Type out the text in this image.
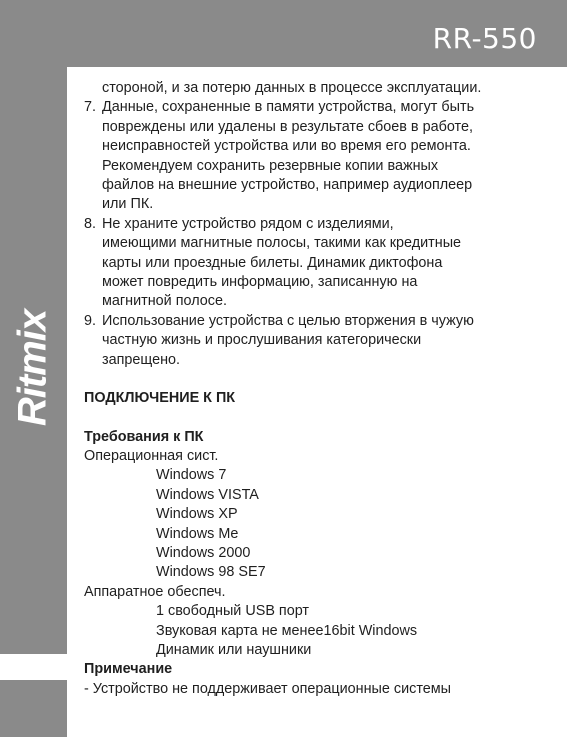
RR-550
Ritmix

стороной, и за потерю данных в процессе эксплуатации.

7. Данные, сохраненные в памяти устройства, могут быть
повреждены или удалены в результате сбоев в работе,
неисправностей устройства или во время его ремонта.
Рекомендуем сохранить резервные копии важных
файлов на внешние устройство, например аудиоплеер
или ПК.
8. Не храните устройство рядом с изделиями,
имеющими магнитные полосы, такими как кредитные
карты или проездные билеты. Динамик диктофона
может повредить информацию, записанную на
магнитной полосе.
9. Использование устройства с целью вторжения в чужую
частную жизнь и прослушивания категорически
запрещено.
ПОДКЛЮЧЕНИЕ К ПК
Требования к ПК
Операционная сист.
Windows 7
Windows VISTA
Windows XP
Windows Me
Windows 2000
Windows 98 SE7
Аппаратное обеспеч.
1 свободный USB порт
Звуковая карта не менее16bit Windows
Динамик или наушники
Примечание
- Устройство не поддерживает операционные системы
